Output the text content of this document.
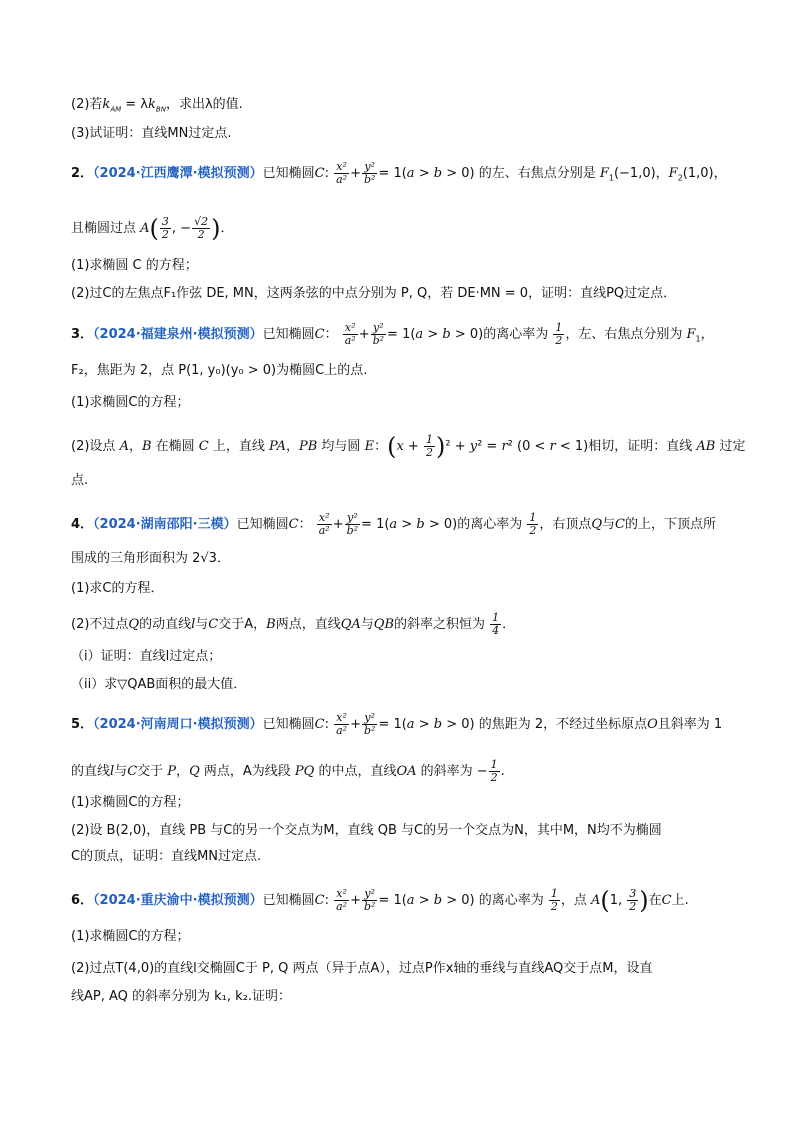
(2)若$k_{AM} = \lambda k_{BN}$，求出λ的值.
(3)试证明：直线MN过定点.
2．（2024·江西鹰潭·模拟预测）已知椭圆C: $\frac{\text{x²}}{\text{a²}} + \frac{\text{y²}}{\text{b²}} = 1(a > b > 0)$ 的左、右焦点分别是 $F_1(-1,0)$，$F_2(1,0)$，
且椭圆过点 $A( \frac{3}{2}$ , − $\frac{√2}{2}$ )．
(1)求椭圆 C 的方程；
(2)过C的左焦点F₁作弦 DE, MN，这两条弦的中点分别为 P, Q，若 DE·MN = 0，证明：直线PQ过定点．
3．（2024·福建泉州·模拟预测）已知椭圆C： $\frac{\text{x²}}{\text{a²}} + \frac{\text{y²}}{\text{b²}} = 1(a > b > 0)$的离心率为 $\frac{1}{2}$ ，左、右焦点分别为 $F_1$，
F₂，焦距为 2，点 P(1, y₀)(y₀ > 0)为椭圆C上的点.
(1)求椭圆C的方程；
(2)设点 A，B 在椭圆 C 上，直线 PA，PB 均与圆 E：$(x + \frac{1}{2} )^2 + y^2 = r^2$ (0 < r < 1)相切，证明：直线 AB 过定
点.
4．（2024·湖南邵阳·三模）已知椭圆C： $\frac{\text{x²}}{\text{a²}} + \frac{\text{y²}}{\text{b²}} = 1(a > b > 0)$的离心率为 $\frac{1}{2}$ ，右顶点Q与C的上，下顶点所
围成的三角形面积为 2√3．
(1)求C的方程．
(2)不过点Q的动直线l与C交于A，B两点，直线QA与QB的斜率之积恒为 $\frac{1}{4}$ ．
（i）证明：直线l过定点；
（ii）求▽QAB面积的最大值．
5．（2024·河南周口·模拟预测）已知椭圆C: $\frac{\text{x²}}{\text{a²}} + \frac{\text{y²}}{\text{b²}} = 1(a > b > 0)$ 的焦距为 2，不经过坐标原点O且斜率为 1
的直线l与C交于 P，Q 两点，A为线段 PQ 的中点，直线OA 的斜率为 − $\frac{1}{2}$ .
(1)求椭圆C的方程；
(2)设 B(2,0)，直线 PB 与C的另一个交点为M，直线 QB 与C的另一个交点为N，其中M，N均不为椭圆
C的顶点，证明：直线MN过定点.
6．（2024·重庆渝中·模拟预测）已知椭圆C: $\frac{\text{x²}}{\text{a²}} + \frac{\text{y²}}{\text{b²}} = 1(a > b > 0)$ 的离心率为 $\frac{1}{2}$ ，点 A(1, $\frac{3}{2}$ )在C上.
(1)求椭圆C的方程；
(2)过点T(4,0)的直线l交椭圆C于 P, Q 两点（异于点A），过点P作x轴的垂线与直线AQ交于点M，设直
线AP, AQ 的斜率分别为 k₁, k₂.证明：
